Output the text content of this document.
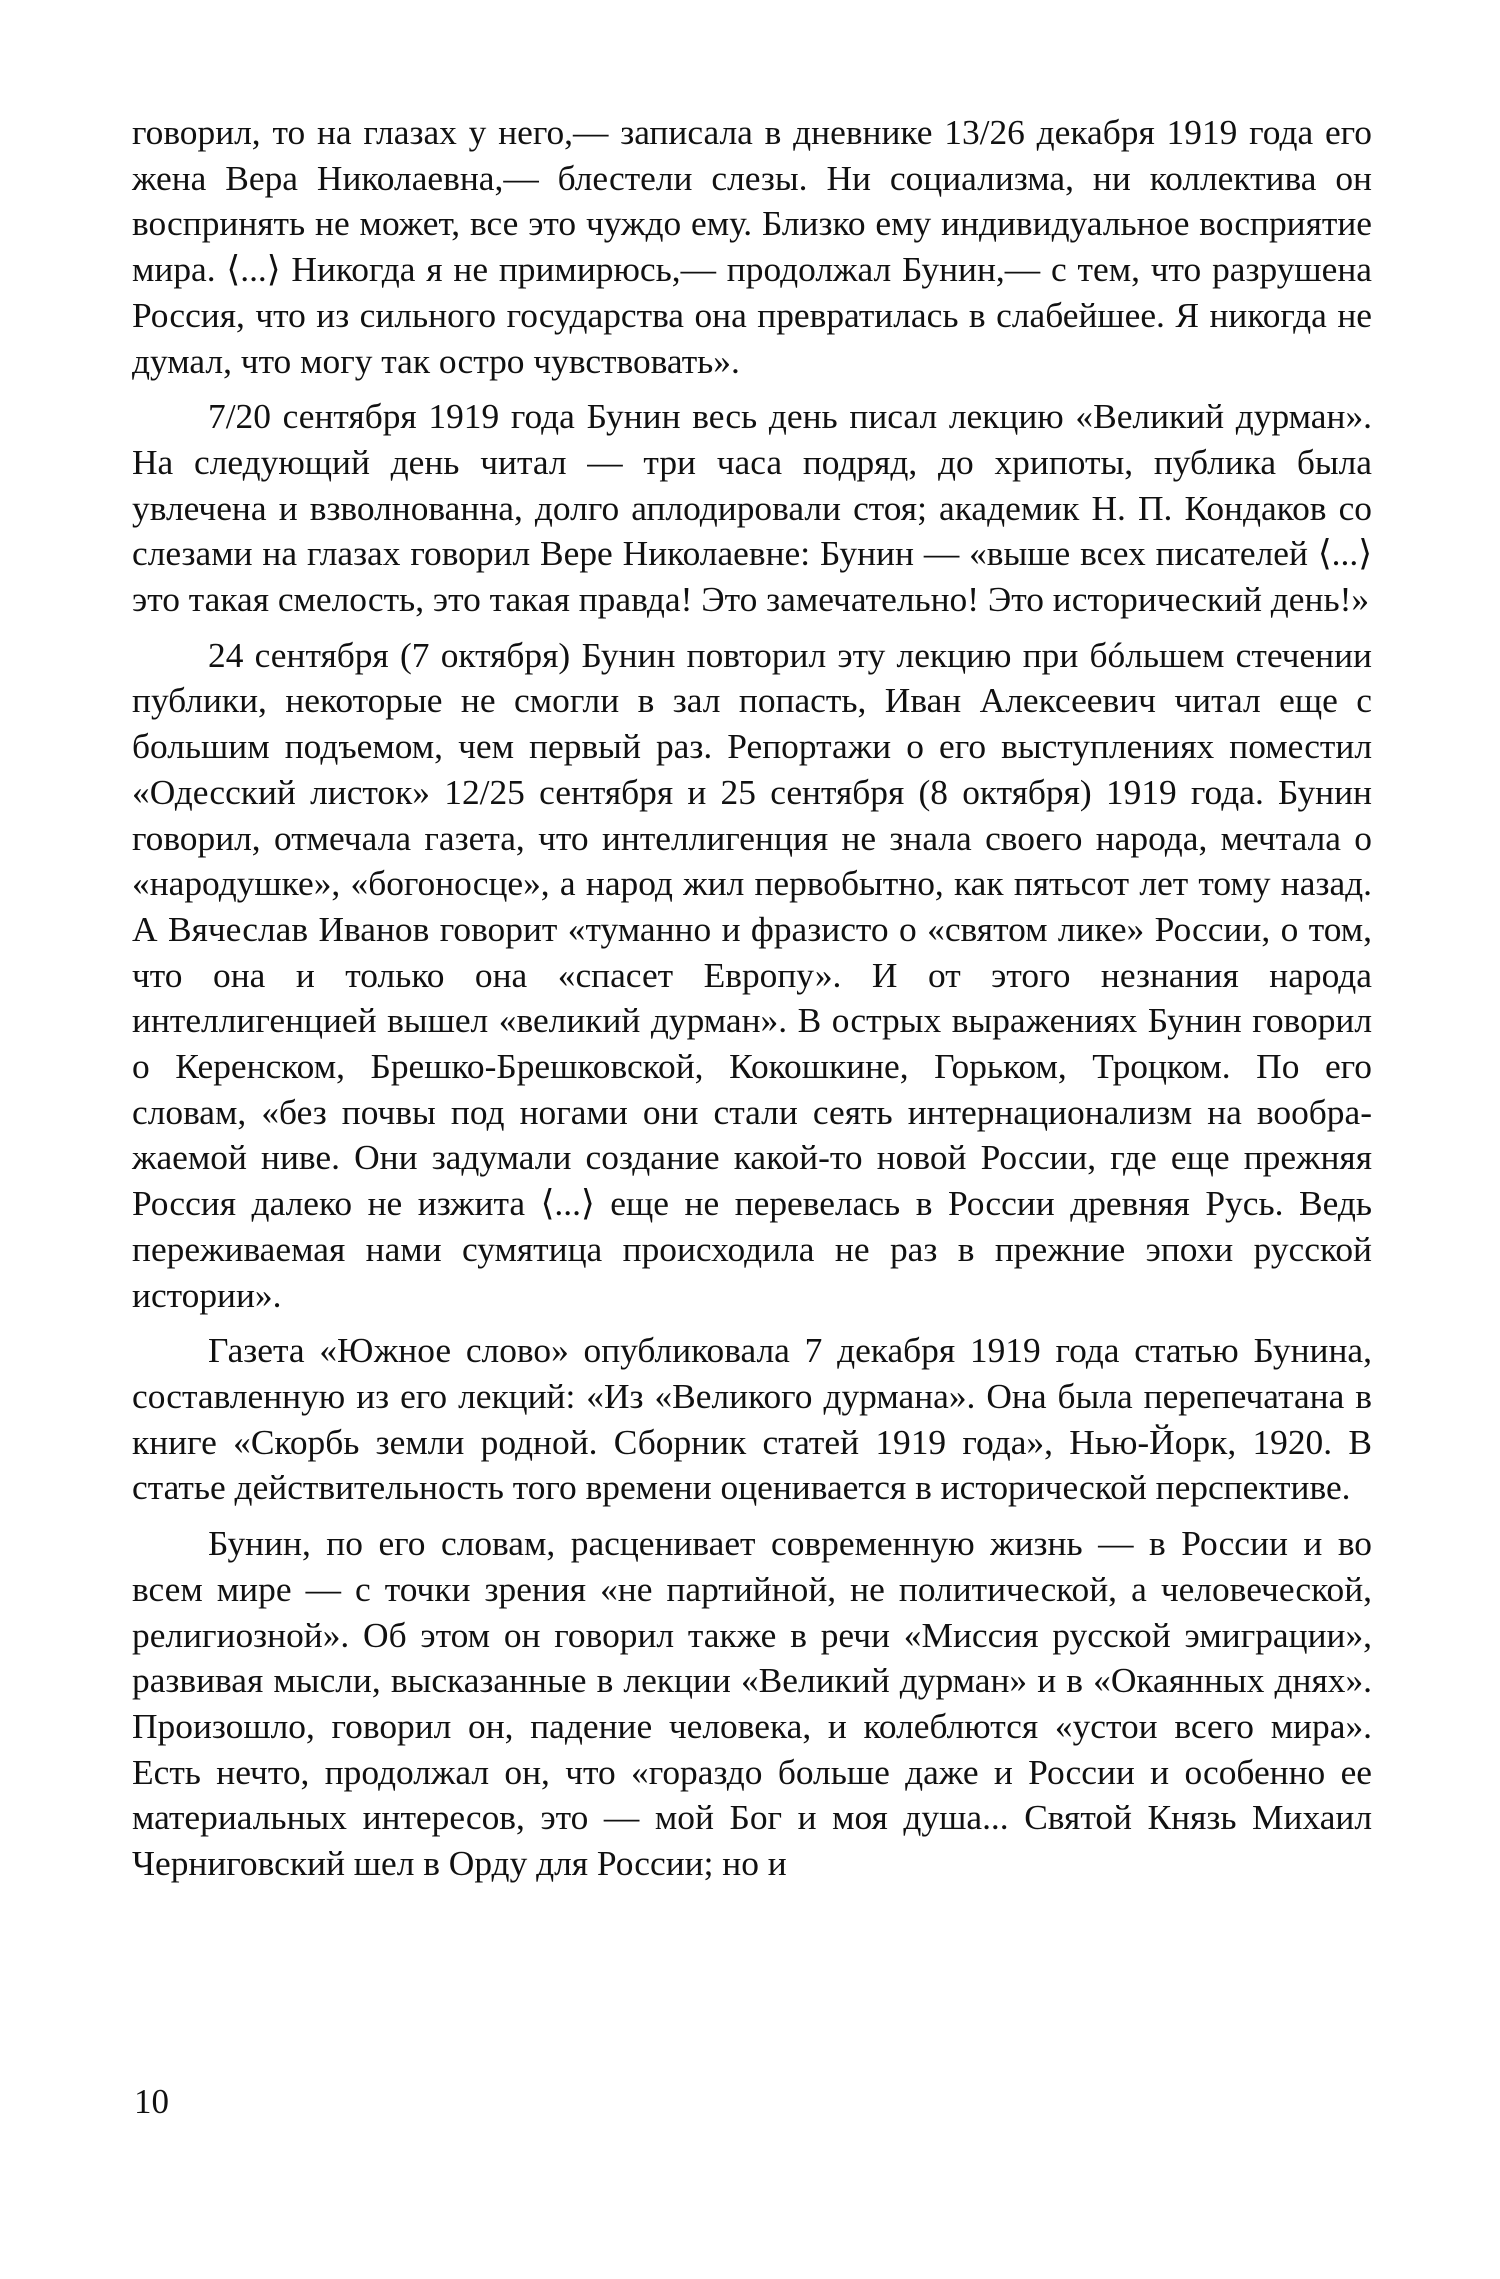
говорил, то на глазах у него,— записала в дневнике 13/26 декабря 1919 года его жена Вера Николаевна,— блестели слезы. Ни социализма, ни коллектива он воспринять не может, все это чуждо ему. Близко ему индивидуальное восприятие мира. ⟨...⟩ Никогда я не примирюсь,— продолжал Бунин,— с тем, что разрушена Россия, что из сильного государства она превратилась в слабейшее. Я никогда не думал, что могу так остро чувствовать».

7/20 сентября 1919 года Бунин весь день писал лекцию «Великий дурман». На следующий день читал — три часа подряд, до хрипоты, публика была увлечена и взволнованна, долго аплодировали стоя; академик Н. П. Кондаков со слезами на глазах говорил Вере Николаевне: Бунин — «выше всех писателей ⟨...⟩ это такая смелость, это такая правда! Это замечательно! Это исторический день!»

24 сентября (7 октября) Бунин повторил эту лекцию при бóльшем стечении публики, некоторые не смогли в зал попасть, Иван Алексеевич читал еще с большим подъемом, чем первый раз. Репортажи о его выступлениях поместил «Одесский листок» 12/25 сентября и 25 сентября (8 октября) 1919 года. Бунин говорил, отмечала газета, что интеллигенция не знала своего народа, мечтала о «народушке», «богоносце», а народ жил первобытно, как пятьсот лет тому назад. А Вячеслав Иванов говорит «туманно и фразисто о «святом лике» России, о том, что она и только она «спасет Европу». И от этого незнания народа интеллигенцией вышел «великий дурман». В острых выражениях Бунин говорил о Керенском, Брешко-Брешковской, Кокошкине, Горьком, Троцком. По его словам, «без почвы под ногами они стали сеять интернационализм на воображаемой ниве. Они задумали создание какой-то новой России, где еще прежняя Россия далеко не изжита ⟨...⟩ еще не перевелась в России древняя Русь. Ведь переживаемая нами сумятица происходила не раз в прежние эпохи русской истории».

Газета «Южное слово» опубликовала 7 декабря 1919 года статью Бунина, составленную из его лекций: «Из «Великого дурмана». Она была перепечатана в книге «Скорбь земли родной. Сборник статей 1919 года», Нью-Йорк, 1920. В статье действительность того времени оценивается в исторической перспективе.

Бунин, по его словам, расценивает современную жизнь — в России и во всем мире — с точки зрения «не партийной, не политической, а человеческой, религиозной». Об этом он говорил также в речи «Миссия русской эмиграции», развивая мысли, высказанные в лекции «Великий дурман» и в «Окаянных днях». Произошло, говорил он, падение человека, и колеблются «устои всего мира». Есть нечто, продолжал он, что «гораздо больше даже и России и особенно ее материальных интересов, это — мой Бог и моя душа... Святой Князь Михаил Черниговский шел в Орду для России; но и

10
